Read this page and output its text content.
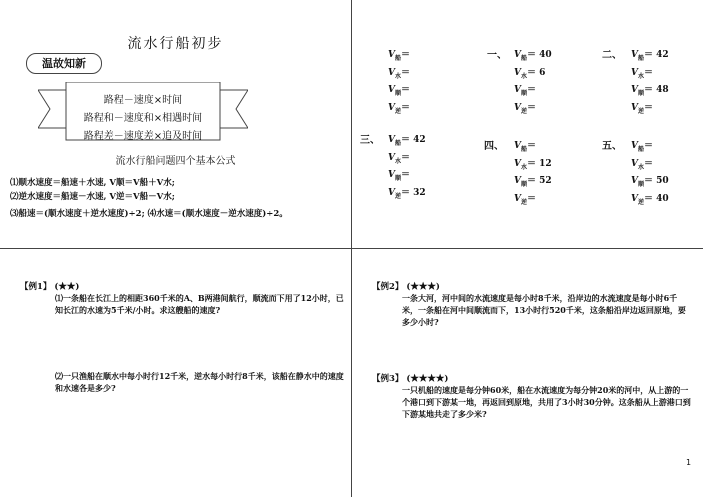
流水行船初步
温故知新
路程－速度×时间
路程和－速度和×相遇时间
路程差－速度差×追及时间
流水行船问题四个基本公式
⑴顺水速度＝船速＋水速, V顺＝V船＋V水;
⑵逆水速度＝船速－水速, V逆＝V船－V水;
⑶船速＝(顺水速度＋逆水速度)÷2; ⑷水速＝(顺水速度－逆水速度)÷2。
$V_船=$
$V_水=$
$V_顺=$
$V_逆=$
一、 $V_船= 40$
$V_水= 6$
$V_顺=$
$V_逆=$
二、 $V_船= 42$
$V_水=$
$V_顺= 48$
$V_逆=$
三、 $V_船= 42$
$V_水=$
$V_顺=$
$V_逆= 32$
四、 $V_船=$
$V_水= 12$
$V_顺= 52$
$V_逆=$
五、 $V_船=$
$V_水=$
$V_顺= 50$
$V_逆= 40$
【例1】 (★★)
⑴一条船在长江上的相距360千米的A、B两港间航行，顺流而下用了12小时，已知长江的水速为5千米/小时。求这艘船的速度?
⑵一只渔船在顺水中每小时行12千米，逆水每小时行8千米，该船在静水中的速度和水速各是多少?
【例2】 (★★★)
一条大河，河中间的水流速度是每小时8千米，沿岸边的水流速度是每小时6千米，一条船在河中间顺流而下，13小时行520千米，这条船沿岸边返回原地，要多少小时?
【例3】 (★★★★)
一只机船的速度是每分钟60米，船在水流速度为每分钟20米的河中，从上游的一个港口到下游某一地，再返回到原地，共用了3小时30分钟。这条船从上游港口到下游某地共走了多少米?
1
